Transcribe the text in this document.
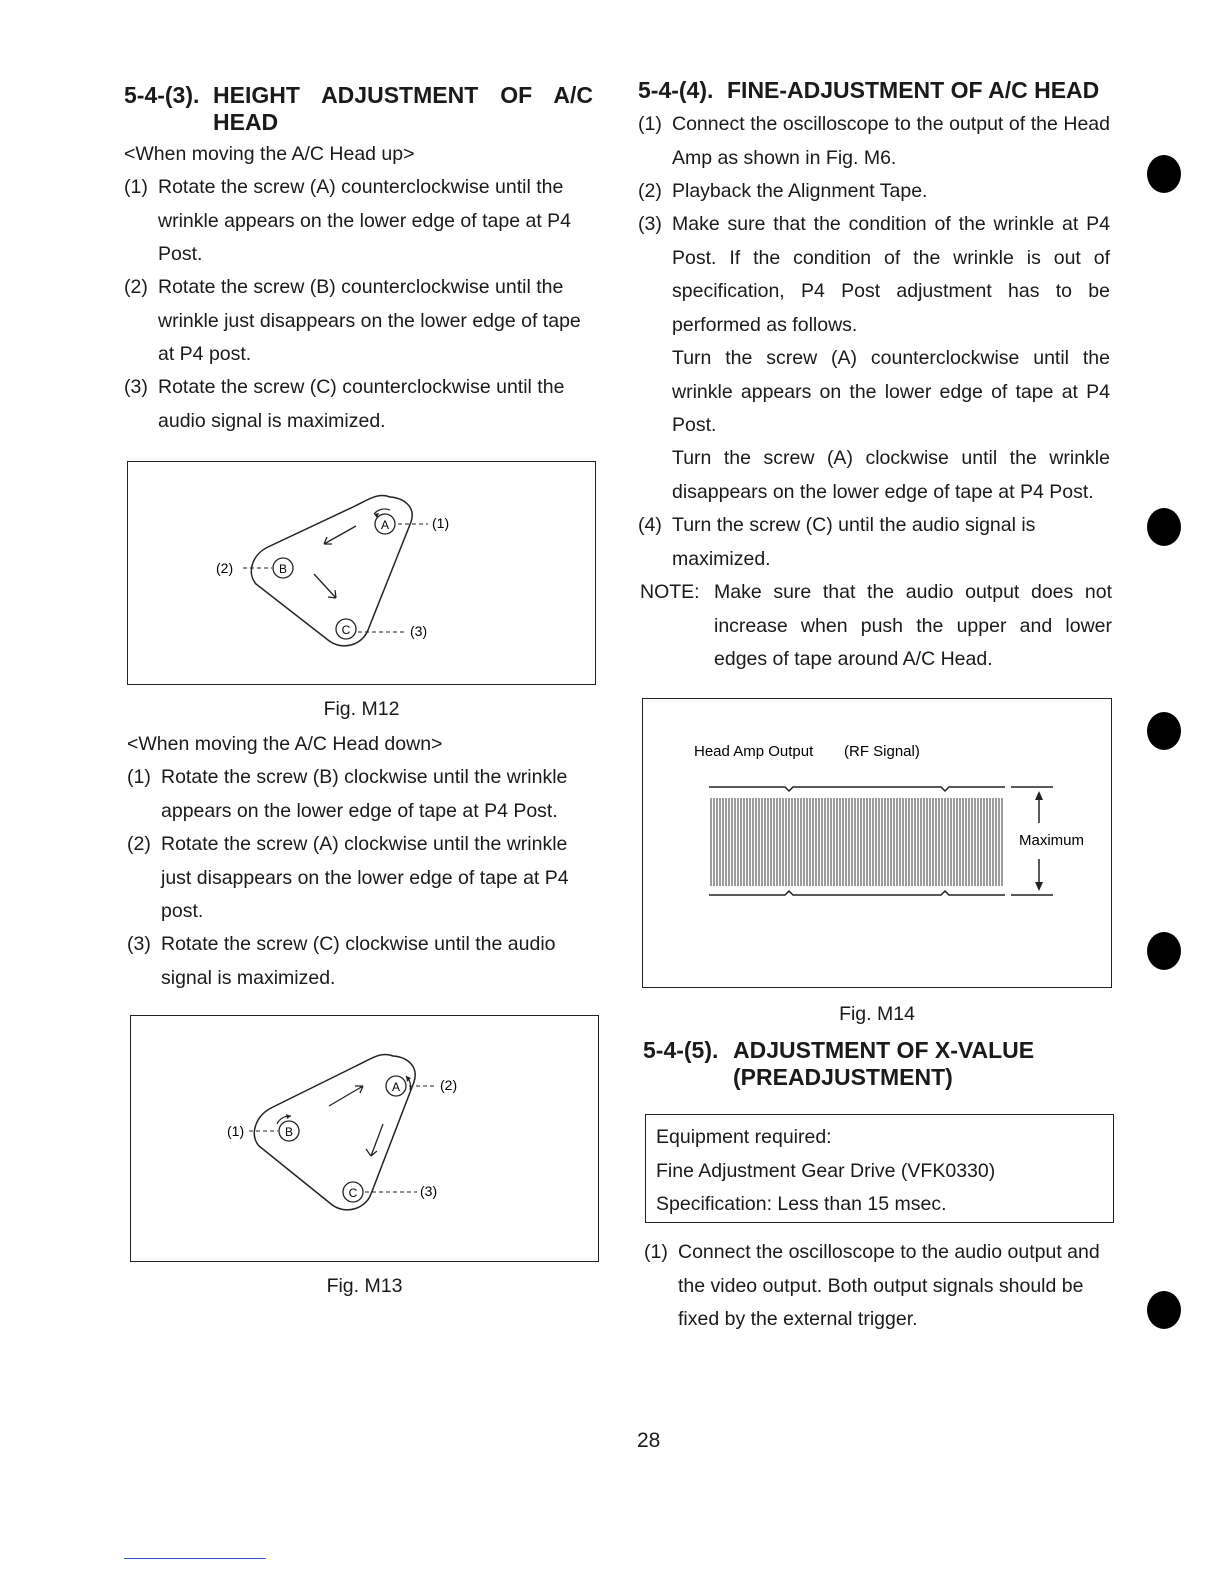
5-4-(3). HEIGHT ADJUSTMENT OF A/C
HEAD
<When moving the A/C Head up>
(1) Rotate the screw (A) counterclockwise until the wrinkle appears on the lower edge of tape at P4 Post.
(2) Rotate the screw (B) counterclockwise until the wrinkle just disappears on the lower edge of tape at P4 post.
(3) Rotate the screw (C) counterclockwise until the audio signal is maximized.
A
B
C
(1)
(2)
(3)
Fig. M12
<When moving the A/C Head down>
(1) Rotate the screw (B) clockwise until the wrinkle appears on the lower edge of tape at P4 Post.
(2) Rotate the screw (A) clockwise until the wrinkle just disappears on the lower edge of tape at P4 post.
(3) Rotate the screw (C) clockwise until the audio signal is maximized.
A
B
C
(2)
(1)
(3)
Fig. M13
5-4-(4). FINE-ADJUSTMENT OF A/C HEAD
(1) Connect the oscilloscope to the output of the Head Amp as shown in Fig. M6.
(2) Playback the Alignment Tape.
(3) Make sure that the condition of the wrinkle at P4 Post. If the condition of the wrinkle is out of specification, P4 Post adjustment has to be performed as follows.
Turn the screw (A) counterclockwise until the wrinkle appears on the lower edge of tape at P4 Post.
Turn the screw (A) clockwise until the wrinkle disappears on the lower edge of tape at P4 Post.
(4) Turn the screw (C) until the audio signal is maximized.
NOTE: Make sure that the audio output does not increase when push the upper and lower edges of tape around A/C Head.
Head Amp Output (RF Signal)
Maximum
Fig. M14
5-4-(5). ADJUSTMENT OF X-VALUE
(PREADJUSTMENT)
Equipment required:
Fine Adjustment Gear Drive (VFK0330)
Specification: Less than 15 msec.
(1) Connect the oscilloscope to the audio output and the video output. Both output signals should be fixed by the external trigger.
28
